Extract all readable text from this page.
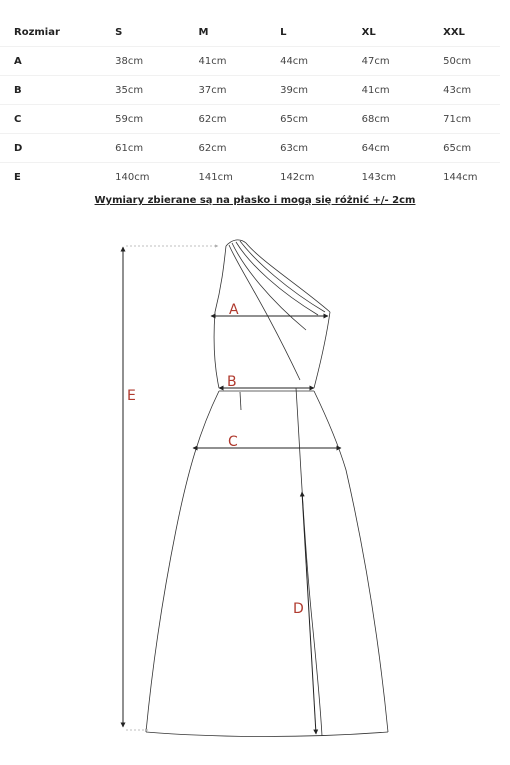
Rozmiar	S	M	L	XL	XXL
A	38cm	41cm	44cm	47cm	50cm
B	35cm	37cm	39cm	41cm	43cm
C	59cm	62cm	65cm	68cm	71cm
D	61cm	62cm	63cm	64cm	65cm
E	140cm	141cm	142cm	143cm	144cm
Wymiary zbierane są na płasko i mogą się różnić +/- 2cm
A
B
C
D
E
